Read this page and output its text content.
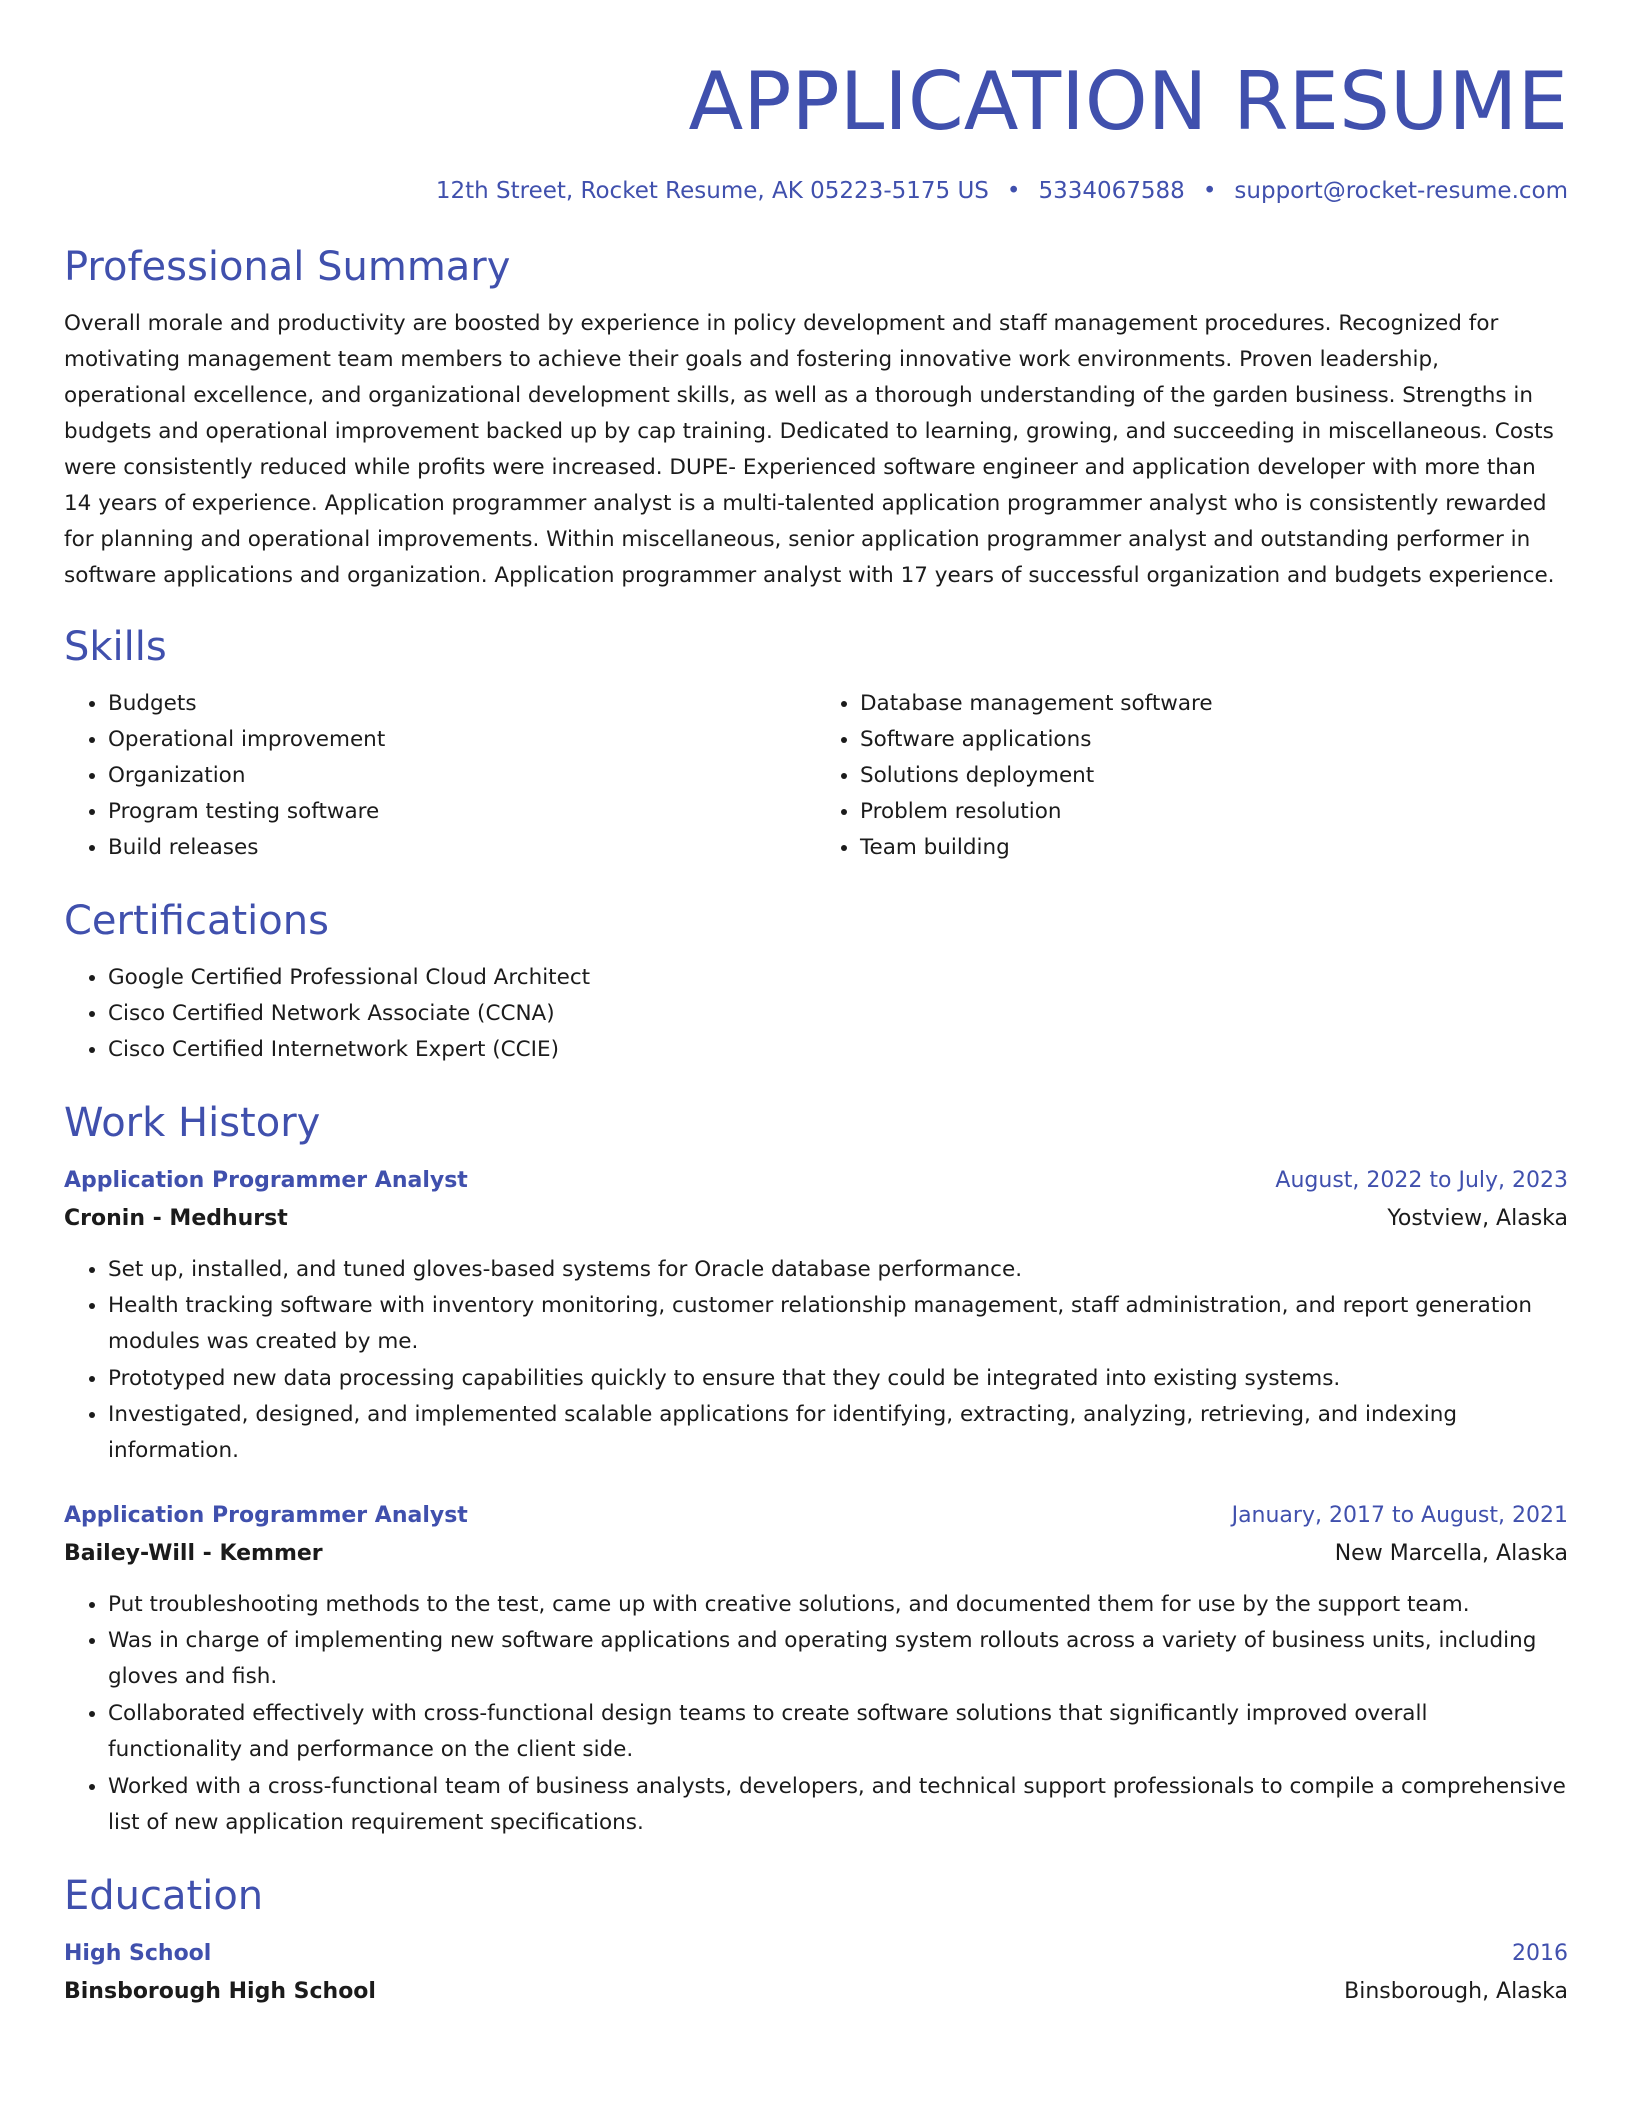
APPLICATION RESUME
12th Street, Rocket Resume, AK 05223-5175 US • 5334067588 • support@rocket-resume.com
Professional Summary

Overall morale and productivity are boosted by experience in policy development and staff management procedures. Recognized for motivating management team members to achieve their goals and fostering innovative work environments. Proven leadership, operational excellence, and organizational development skills, as well as a thorough understanding of the garden business. Strengths in budgets and operational improvement backed up by cap training. Dedicated to learning, growing, and succeeding in miscellaneous. Costs were consistently reduced while profits were increased. DUPE- Experienced software engineer and application developer with more than 14 years of experience. Application programmer analyst is a multi-talented application programmer analyst who is consistently rewarded for planning and operational improvements. Within miscellaneous, senior application programmer analyst and outstanding performer in software applications and organization. Application programmer analyst with 17 years of successful organization and budgets experience.

Skills
• Budgets
• Operational improvement
• Organization
• Program testing software
• Build releases
• Database management software
• Software applications
• Solutions deployment
• Problem resolution
• Team building
Certifications
• Google Certified Professional Cloud Architect
• Cisco Certified Network Associate (CCNA)
• Cisco Certified Internetwork Expert (CCIE)
Work History
Application Programmer Analyst	August, 2022 to July, 2023
Cronin - Medhurst	Yostview, Alaska
• Set up, installed, and tuned gloves-based systems for Oracle database performance.
• Health tracking software with inventory monitoring, customer relationship management, staff administration, and report generation modules was created by me.
• Prototyped new data processing capabilities quickly to ensure that they could be integrated into existing systems.
• Investigated, designed, and implemented scalable applications for identifying, extracting, analyzing, retrieving, and indexing information.
Application Programmer Analyst	January, 2017 to August, 2021
Bailey-Will - Kemmer	New Marcella, Alaska
• Put troubleshooting methods to the test, came up with creative solutions, and documented them for use by the support team.
• Was in charge of implementing new software applications and operating system rollouts across a variety of business units, including gloves and fish.
• Collaborated effectively with cross-functional design teams to create software solutions that significantly improved overall functionality and performance on the client side.
• Worked with a cross-functional team of business analysts, developers, and technical support professionals to compile a comprehensive list of new application requirement specifications.
Education
High School	2016
Binsborough High School	Binsborough, Alaska
